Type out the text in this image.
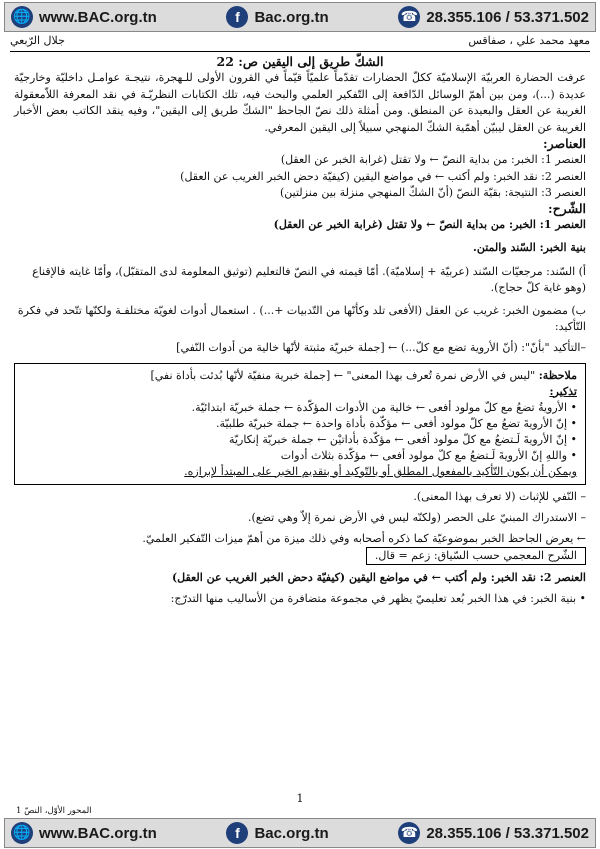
🌐 www.BAC.org.tn	f Bac.org.tn	☎ 28.355.106 / 53.371.502
معهد محمد علي ، صفاقس
جلال الرّبعي

الشكّ طريق إلى اليقين ص: 22

عرفت الحضارة العربيّة الإسلاميّة ككلّ الحضارات تقدّماً علميّاً قيّماً في القرون الأولى للـهجرة، نتيجـة عوامـل داخليّة وخارجيّة عديدة (...)، ومن بين أهمّ الوسائل الدّافعة إلى التّفكير العلمي والبحث فيه، تلك الكتابات النظريّـة في نقد المعرفة اللاّمعقولة الغريبة عن العقل والبعيدة عن المنطق. ومن أمثلة ذلك نصّ الجاحظ "الشكّ طريق إلى اليقين"، وفيه ينقد الكاتب بعض الأخبار الغريبة عن العقل ليبيّن أهمّية الشكّ المنهجي سبيلاً إلى اليقين المعرفي.

العناصر:

العنصر 1: الخبر: من بداية النصّ ← ولا تقتل (غرابة الخبر عن العقل)

العنصر 2: نقد الخبر: ولم أكتب ← في مواضع اليقين (كيفيّة دحض الخبر الغريب عن العقل)

العنصر 3: النتيجة: بقيّة النصّ (أنّ الشكّ المنهجي منزلة بين منزلتين)

الشّرح:

العنصر 1: الخبر: من بداية النصّ ← ولا تقتل (غرابة الخبر عن العقل)

بنية الخبر: السّند والمتن.

أ) السّند: مرجعيّات السّند (عربيّة + إسلاميّة). أمّا قيمته في النصّ فالتعليم (توثيق المعلومة لدى المتقبّل)، وأمّا غايته فالإقناع (وهو غاية كلّ حجاج).

ب) مضمون الخبر: غريب عن العقل (الأفعى تلد وكأنّها من التّدبيات +...) . استعمال أدوات لغويّة مختلفـة ولكنّها تتّحد في فكرة التّأكيد:

–التأكيد "بأنّ": (أنّ الأروية تضع مع كلّ...) ← [جملة خبريّة مثبتة لأنّها خالية من أدوات النّفي]

ملاحظة: "ليس في الأرض نمرة تُعرف بهذا المعنى" ← [جملة خبرية منفيّة لأنّها بُدئت بأداة نفي]

تذكير:

• الأرويةُ تضعُ مع كلّ مولود أفعى ← خالية من الأدوات المؤكّدة ← جملة خبريّة ابتدائيّة.

• إنّ الأرويةَ تضعُ مع كلّ مولود أفعى ← مؤكّدة بأداة واحدة ← جملة خبريّة طلبيّة.

• إنّ الأرويةَ لَـتضعُ مع كلّ مولود أفعى ← مؤكّدة بأداتيْن ← جملة خبريّة إنكاريّة

• واللهِ إنّ الأرويةَ لَـتضعُ مع كلّ مولود أفعى ← مؤكّدة بثلاث أدوات

ويمكن أن يكون التّأكيد بالمفعول المطلق أو بالتّوكيد أو بتقديم الخبر على المبتدأ لإبرازه.

– النّفي للإثبات (لا تعرف بهذا المعنى).

– الاستدراك المبنيّ على الحصر (ولكنّه ليس في الأرض نمرة إلاّ وهي تضع).

← يعرض الجاحظ الخبر بموضوعيّة كما ذكره أصحابه وفي ذلك ميزة من أهمّ ميزات التّفكير العلميّ.

الشّرح المعجمي حسب السّياق: زعم = قال.

العنصر 2: نقد الخبر: ولم أكتب ← في مواضع اليقين (كيفيّة دحض الخبر الغريب عن العقل)

• بنية الخبر: في هذا الخبر بُعد تعليميّ يظهر في مجموعة متضافرة من الأساليب منها التدرّج:

1
المحور الأوّل، النصّ 1
🌐 www.BAC.org.tn	f Bac.org.tn	☎ 28.355.106 / 53.371.502
